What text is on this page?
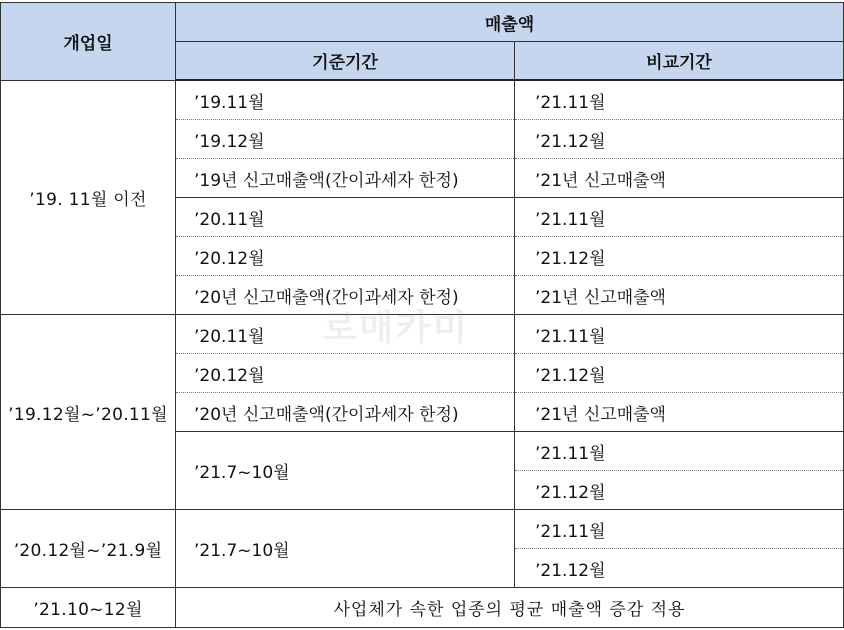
개업일	매출액	
	기준기간	비교기간
’19. 11월 이전	’19.11월	’21.11월
	’19.12월	’21.12월
	’19년 신고매출액(간이과세자 한정)	’21년 신고매출액
	’20.11월	’21.11월
	’20.12월	’21.12월
	’20년 신고매출액(간이과세자 한정)	’21년 신고매출액
’19.12월~’20.11월	’20.11월	’21.11월
	’20.12월	’21.12월
	’20년 신고매출액(간이과세자 한정)	’21년 신고매출액
	’21.7~10월	’21.11월
		’21.12월
’20.12월~’21.9월	’21.7~10월	’21.11월
		’21.12월
’21.10~12월	사업체가 속한 업종의 평균 매출액 증감 적용	
로매카미
